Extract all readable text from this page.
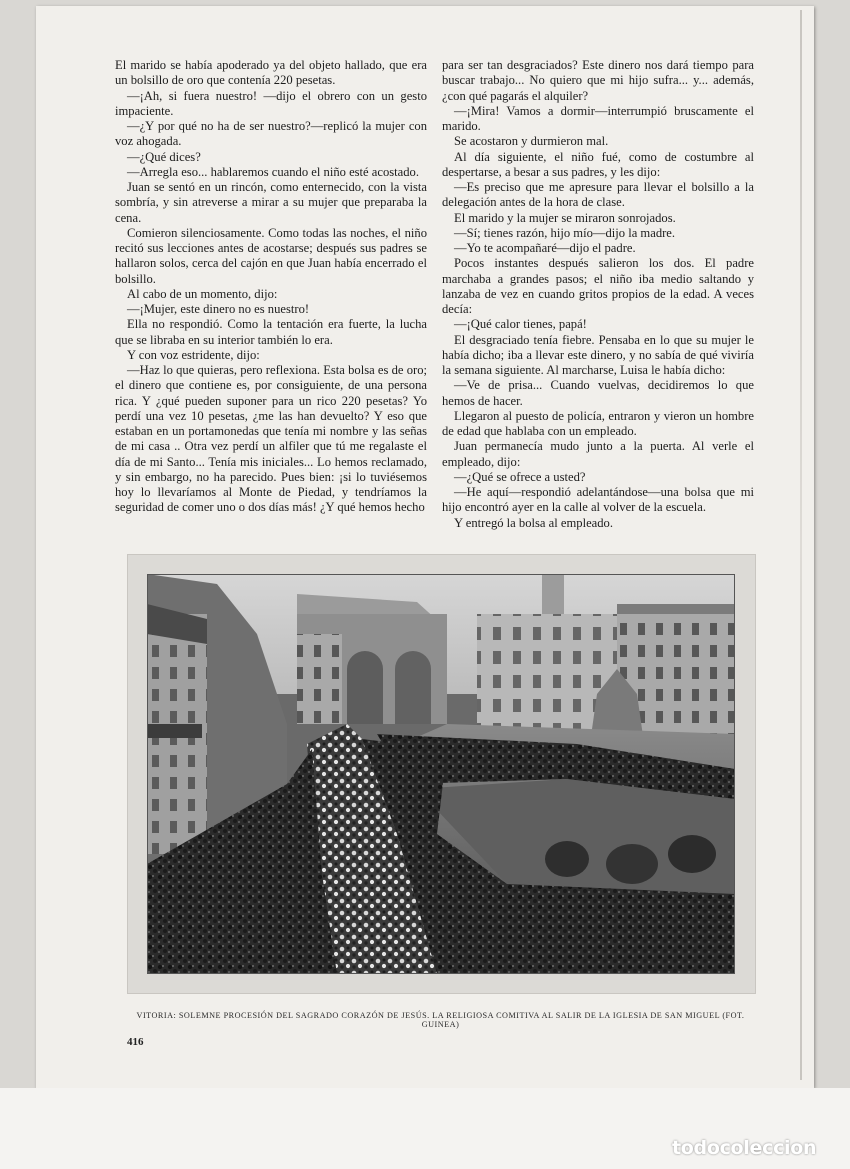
El marido se había apoderado ya del objeto hallado, que era un bolsillo de oro que contenía 220 pesetas.

—¡Ah, si fuera nuestro! —dijo el obrero con un gesto impaciente.

—¿Y por qué no ha de ser nuestro?—replicó la mujer con voz ahogada.

—¿Qué dices?

—Arregla eso... hablaremos cuando el niño esté acostado.

Juan se sentó en un rincón, como enternecido, con la vista sombría, y sin atreverse a mirar a su mujer que preparaba la cena.

Comieron silenciosamente. Como todas las noches, el niño recitó sus lecciones antes de acostarse; después sus padres se hallaron solos, cerca del cajón en que Juan había encerrado el bolsillo.

Al cabo de un momento, dijo:

—¡Mujer, este dinero no es nuestro!

Ella no respondió. Como la tentación era fuerte, la lucha que se libraba en su interior también lo era.

Y con voz estridente, dijo:

—Haz lo que quieras, pero reflexiona. Esta bolsa es de oro; el dinero que contiene es, por consiguiente, de una persona rica. Y ¿qué pueden suponer para un rico 220 pesetas? Yo perdí una vez 10 pesetas, ¿me las han devuelto? Y eso que estaban en un portamonedas que tenía mi nombre y las señas de mi casa .. Otra vez perdí un alfiler que tú me regalaste el día de mi Santo... Tenía mis iniciales... Lo hemos reclamado, y sin embargo, no ha parecido. Pues bien: ¡si lo tuviésemos hoy lo llevaríamos al Monte de Piedad, y tendríamos la seguridad de comer uno o dos días más! ¿Y qué hemos hecho

para ser tan desgraciados? Este dinero nos dará tiempo para buscar trabajo... No quiero que mi hijo sufra... y... además, ¿con qué pagarás el alquiler?

—¡Mira! Vamos a dormir—interrumpió bruscamente el marido.

Se acostaron y durmieron mal.

Al día siguiente, el niño fué, como de costumbre al despertarse, a besar a sus padres, y les dijo:

—Es preciso que me apresure para llevar el bolsillo a la delegación antes de la hora de clase.

El marido y la mujer se miraron sonrojados.

—Sí; tienes razón, hijo mío—dijo la madre.

—Yo te acompañaré—dijo el padre.

Pocos instantes después salieron los dos. El padre marchaba a grandes pasos; el niño iba medio saltando y lanzaba de vez en cuando gritos propios de la edad. A veces decía:

—¡Qué calor tienes, papá!

El desgraciado tenía fiebre. Pensaba en lo que su mujer le había dicho; iba a llevar este dinero, y no sabía de qué viviría la semana siguiente. Al marcharse, Luisa le había dicho:

—Ve de prisa... Cuando vuelvas, decidiremos lo que hemos de hacer.

Llegaron al puesto de policía, entraron y vieron un hombre de edad que hablaba con un empleado.

Juan permanecía mudo junto a la puerta. Al verle el empleado, dijo:

—¿Qué se ofrece a usted?

—He aquí—respondió adelantándose—una bolsa que mi hijo encontró ayer en la calle al volver de la escuela.

Y entregó la bolsa al empleado.

VITORIA: SOLEMNE PROCESIÓN DEL SAGRADO CORAZÓN DE JESÚS. LA RELIGIOSA COMITIVA AL SALIR DE LA IGLESIA DE SAN MIGUEL (FOT. GUINEA)
416
todocoleccion
